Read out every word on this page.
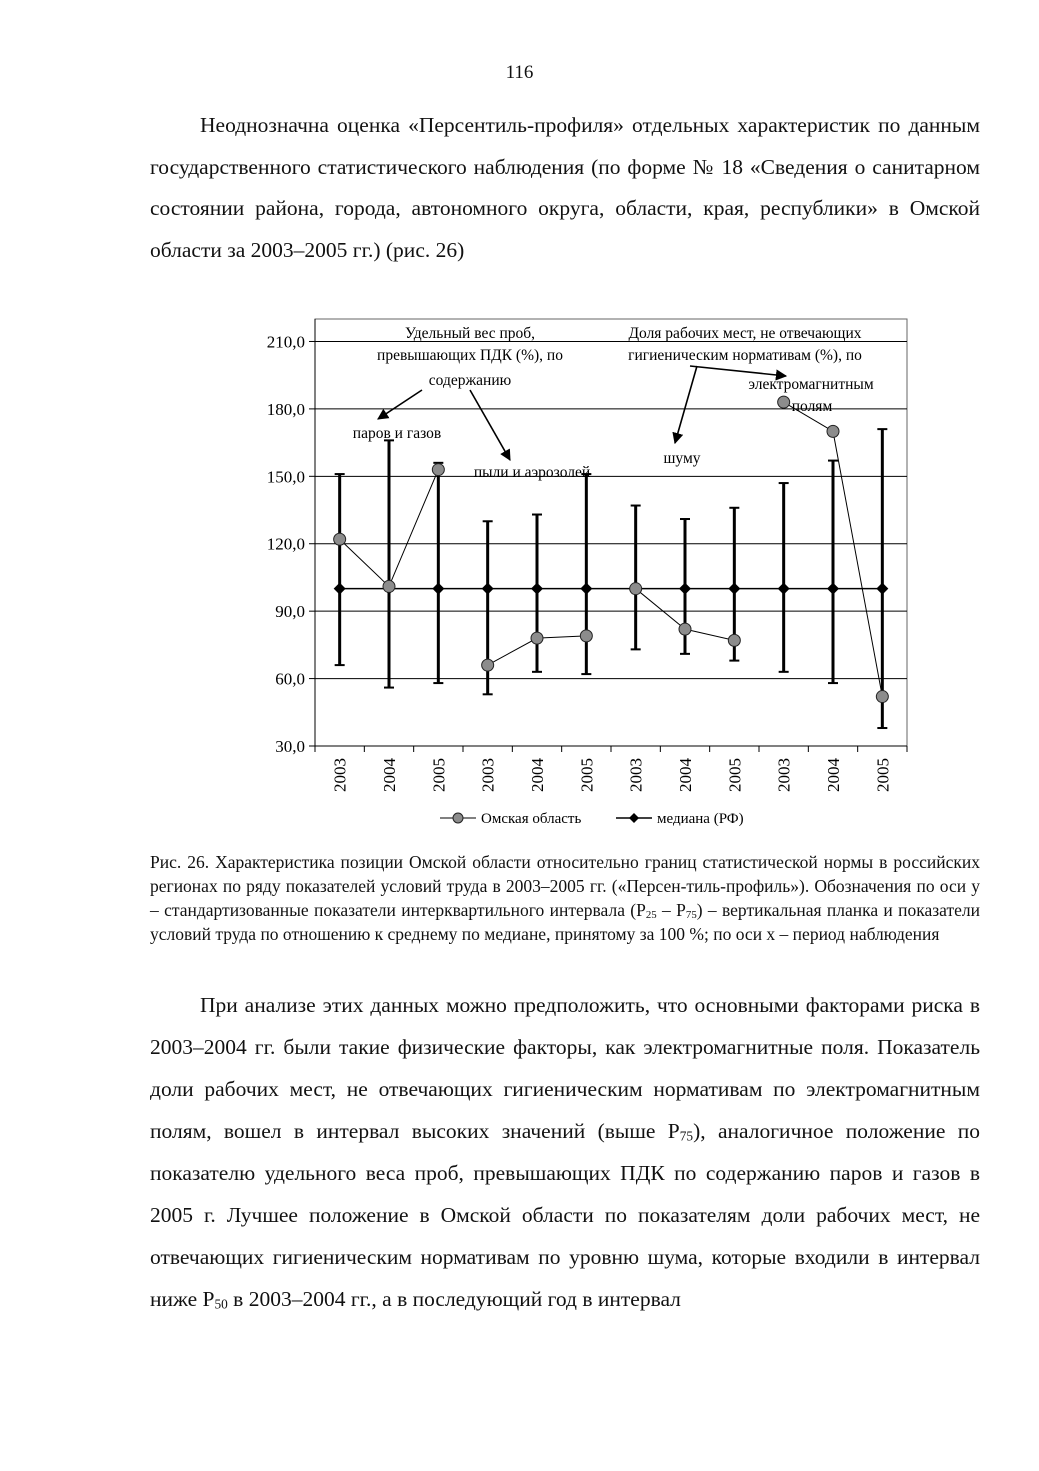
116

Неоднозначна оценка «Персентиль-профиля» отдельных характеристик по данным государственного статистического наблюдения (по форме № 18 «Сведения о санитарном состоянии района, города, автономного округа, области, края, республики» в Омской области за 2003–2005 гг.) (рис. 26)

30,0
60,0
90,0
120,0
150,0
180,0
210,0
2003 2004 2005 2003 2004 2005 2003 2004 2005 2003 2004 2005
Удельный вес проб,
превышающих ПДК (%), по
содержанию
Доля рабочих мест, не отвечающих
гигиеническим нормативам (%), по
паров и газов
пыли и аэрозолей
шуму
электромагнитным
полям
Омская область	медиана (РФ)

Рис. 26. Характеристика позиции Омской области относительно границ статистической нормы в российских регионах по ряду показателей условий труда в 2003–2005 гг. («Персен-тиль-профиль»). Обозначения по оси y – стандартизованные показатели интерквартильного интервала $(P_{25} - P_{75})$ – вертикальная планка и показатели условий труда по отношению к среднему по медиане, принятому за 100 %; по оси x – период наблюдения

При анализе этих данных можно предположить, что основными факторами риска в 2003–2004 гг. были такие физические факторы, как электромагнитные поля. Показатель доли рабочих мест, не отвечающих гигиеническим нормативам по электромагнитным полям, вошел в интервал высоких значений (выше $P_{75}$), аналогичное положение по показателю удельного веса проб, превышающих ПДК по содержанию паров и газов в 2005 г. Лучшее положение в Омской области по показателям доли рабочих мест, не отвечающих гигиеническим нормативам по уровню шума, которые входили в интервал ниже $P_{50}$ в 2003–2004 гг., а в последующий год в интервал
